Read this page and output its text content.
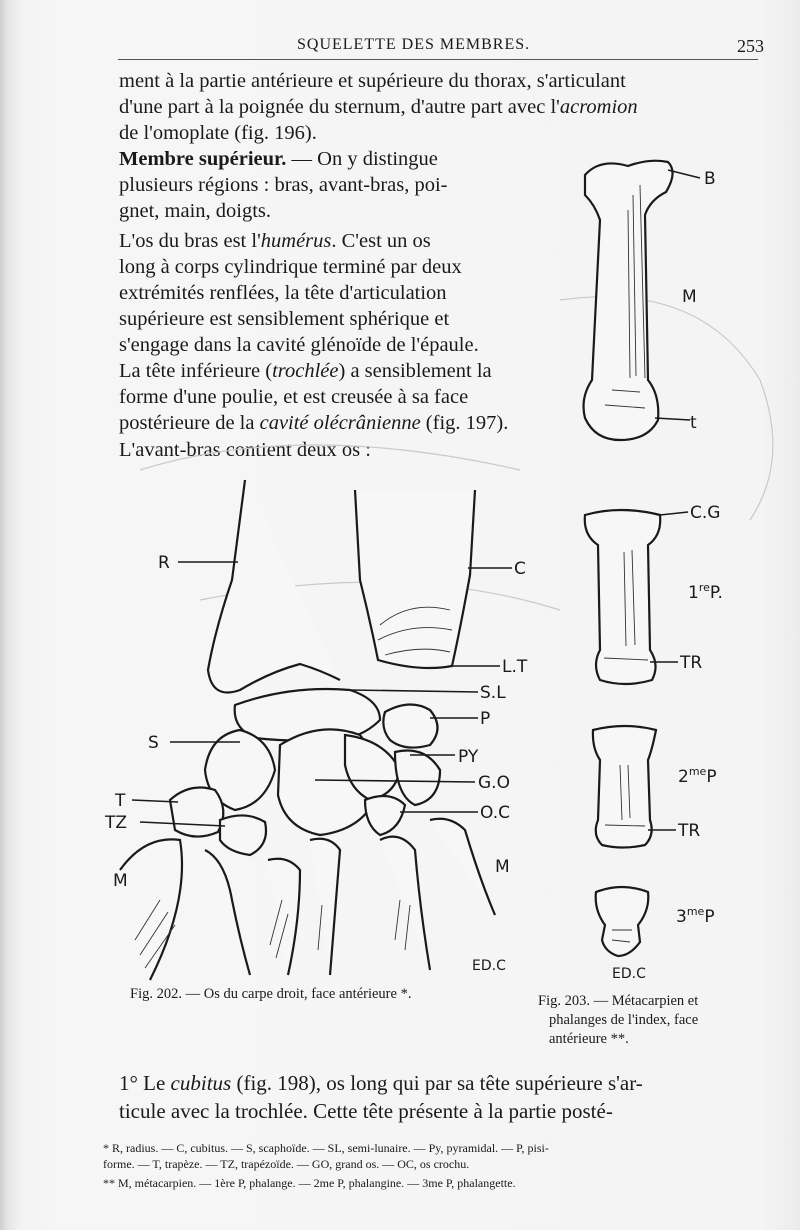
SQUELETTE DES MEMBRES.	253
ment à la partie antérieure et supérieure du thorax, s'articulant
d'une part à la poignée du sternum, d'autre part avec l'acromion
de l'omoplate (fig. 196).
Membre supérieur. — On y distingue
plusieurs régions : bras, avant-bras, poi-
gnet, main, doigts.
L'os du bras est l'humérus. C'est un os
long à corps cylindrique terminé par deux
extrémités renflées, la tête d'articulation
supérieure est sensiblement sphérique et
s'engage dans la cavité glénoïde de l'épaule.
La tête inférieure (trochlée) a sensiblement la
forme d'une poulie, et est creusée à sa face
postérieure de la cavité olécrânienne (fig. 197).
L'avant-bras contient deux os :
B
M
t
R	C
L.T
S.L
S
P
PY
G.O
O.C
T
TZ
M
M
ED.C
C.G
1reP.
TR
$2^{me}P$
TR
$3^{me}P$
ED.C
Fig. 202. — Os du carpe droit, face antérieure *.	Fig. 203. — Métacarpien et
phalanges de l'index, face
antérieure **.
1° Le cubitus (fig. 198), os long qui par sa tête supérieure s'ar-
ticule avec la trochlée. Cette tête présente à la partie posté-
* R, radius. — C, cubitus. — S, scaphoïde. — SL, semi-lunaire. — Py, pyramidal. — P, pisi-
forme. — T, trapèze. — TZ, trapézoïde. — GO, grand os. — OC, os crochu.
** M, métacarpien. — 1ère P, phalange. — 2me P, phalangine. — 3me P, phalangette.
